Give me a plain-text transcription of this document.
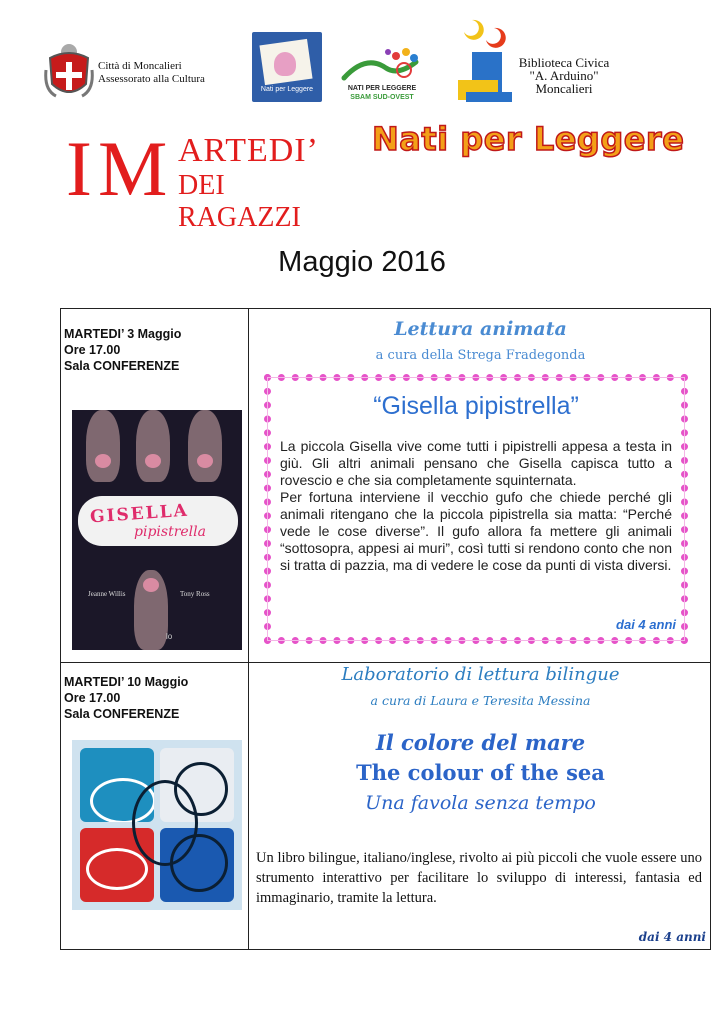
Città di Moncalieri
Assessorato alla Cultura
Nati per Leggere	NATI PER LEGGERE
SBAM SUD-OVEST
Biblioteca Civica
"A. Arduino"
Moncalieri
I M ARTEDI’
DEI RAGAZZI
Nati per Leggere
Maggio 2016
MARTEDI’ 3 Maggio
Ore 17.00
Sala CONFERENZE
GISELLA
pipistrella
Jeanne Willis	Tony Ross
lo
Lettura animata
a cura della Strega Fradegonda
“Gisella pipistrella”
La piccola Gisella vive come tutti i pipistrelli appesa a testa in giù. Gli altri animali pensano che Gisella capisca tutto a rovescio e che sia completamente squinternata.
Per fortuna interviene il vecchio gufo che chiede perché gli animali ritengano che la piccola pipistrella sia matta: “Perché vede le cose diverse”. Il gufo allora fa mettere gli animali “sottosopra, appesi ai muri”, così tutti si rendono conto che non si tratta di pazzia, ma di vedere le cose da punti di vista diversi.
dai 4 anni
MARTEDI’ 10 Maggio
Ore 17.00
Sala CONFERENZE
Laboratorio di lettura bilingue
a cura di Laura e Teresita Messina
Il colore del mare
The colour of the sea
Una favola senza tempo
Un libro bilingue, italiano/inglese, rivolto ai più piccoli che vuole essere uno strumento interattivo per facilitare lo sviluppo di interessi, fantasia ed immaginario, tramite la lettura.
dai 4 anni
